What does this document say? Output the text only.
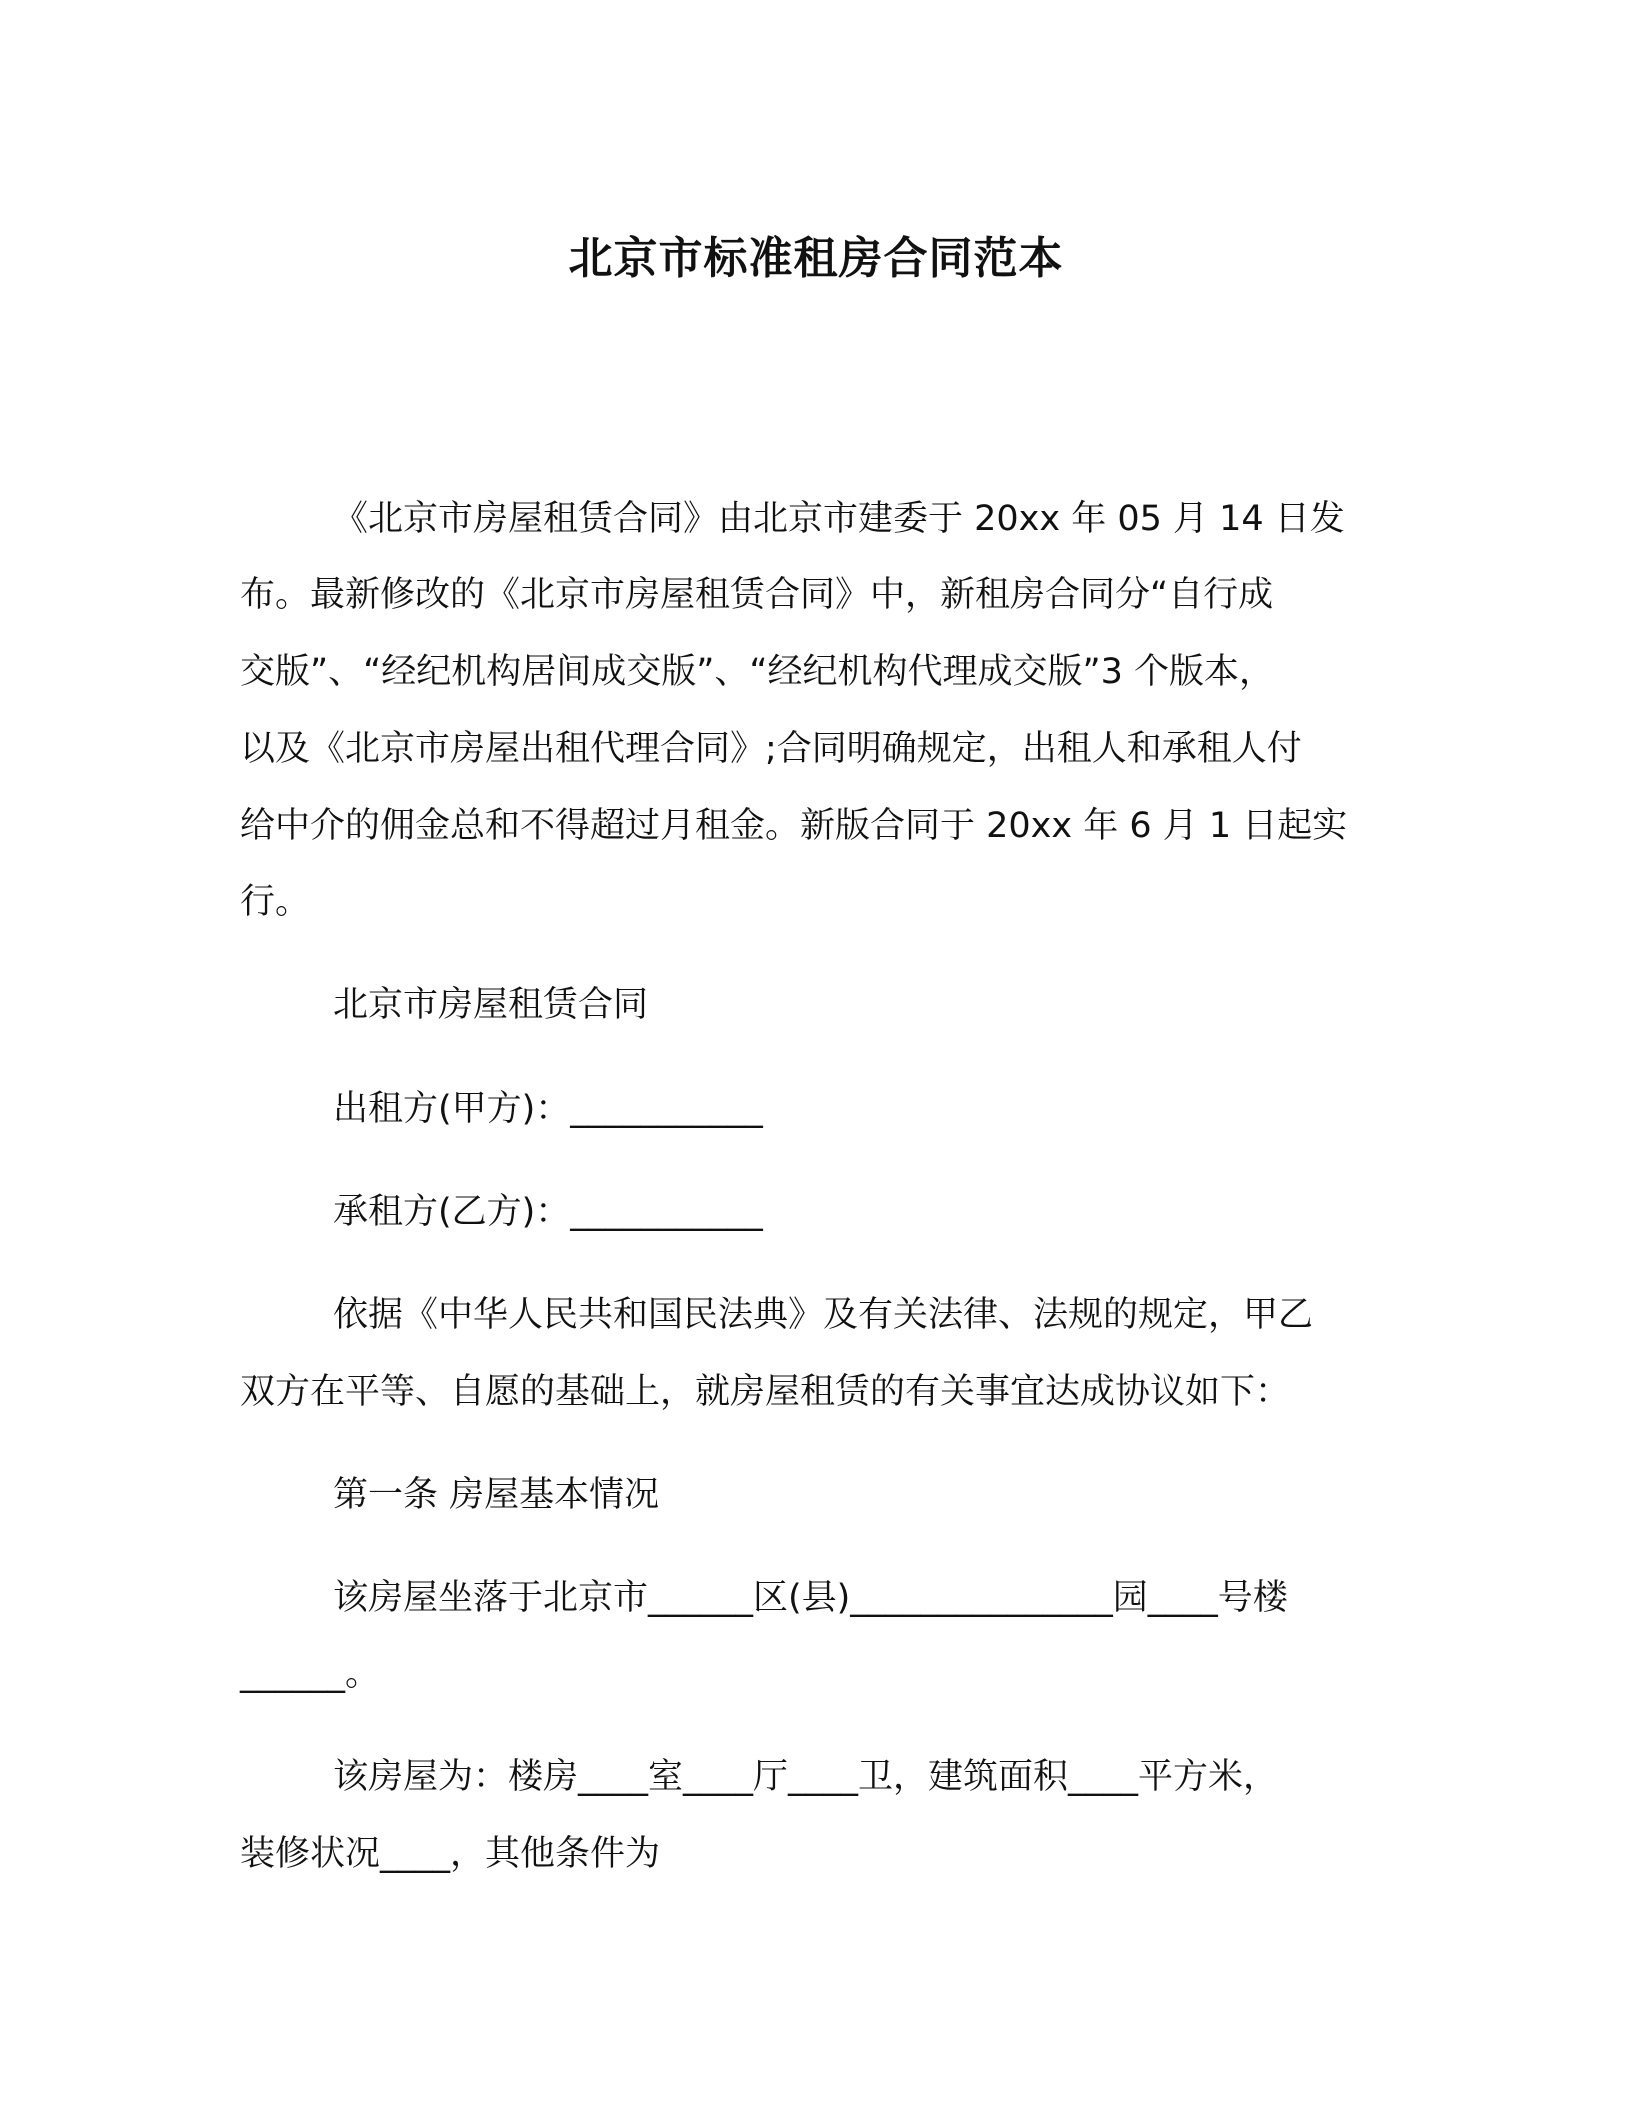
北京市标准租房合同范本
《北京市房屋租赁合同》由北京市建委于 20xx 年 05 月 14 日发
布。最新修改的《北京市房屋租赁合同》中，新租房合同分“自行成
交版”、“经纪机构居间成交版”、“经纪机构代理成交版”3 个版本，
以及《北京市房屋出租代理合同》;合同明确规定，出租人和承租人付
给中介的佣金总和不得超过月租金。新版合同于 20xx 年 6 月 1 日起实
行。
北京市房屋租赁合同
出租方(甲方)：___________
承租方(乙方)：___________
依据《中华人民共和国民法典》及有关法律、法规的规定，甲乙
双方在平等、自愿的基础上，就房屋租赁的有关事宜达成协议如下：
第一条 房屋基本情况
该房屋坐落于北京市______区(县)_______________园____号楼
______。
该房屋为：楼房____室____厅____卫，建筑面积____平方米，
装修状况____，其他条件为
